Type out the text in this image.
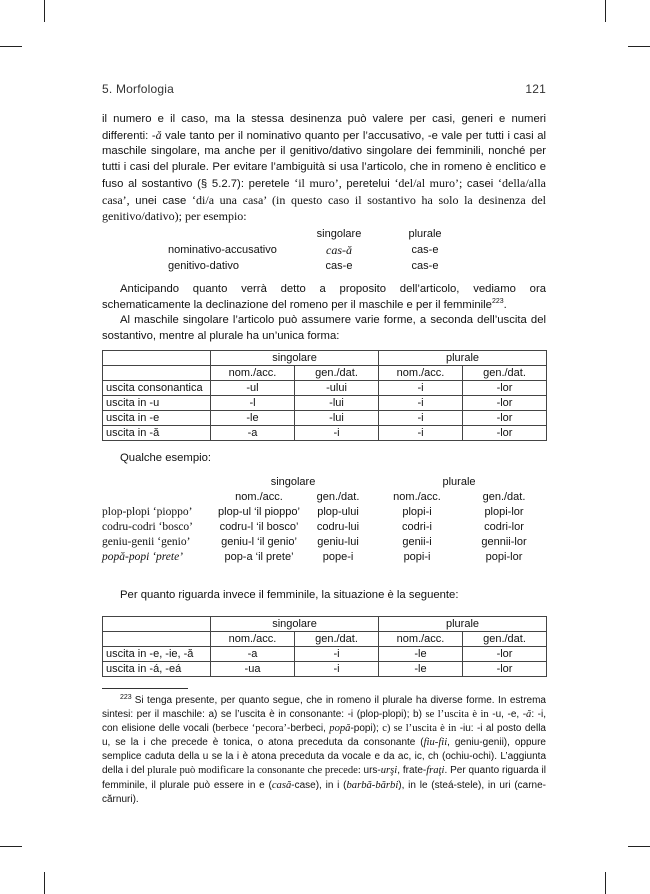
5. Morfologia	121

il numero e il caso, ma la stessa desinenza può valere per casi, generi e numeri differenti: -ă vale tanto per il nominativo quanto per l’accusativo, -e vale per tutti i casi al maschile singolare, ma anche per il genitivo/dativo singolare dei femminili, nonché per tutti i casi del plurale. Per evitare l’ambiguità si usa l’articolo, che in romeno è enclitico e fuso al sostantivo (§ 5.2.7): peretele ‘il muro’, peretelui ‘del/al muro’; casei ‘della/alla casa’, unei case ‘di/a una casa’ (in questo caso il sostantivo ha solo la desinenza del genitivo/dativo); per esempio:

	singolare	plurale
nominativo-accusativo	cas-ă	cas-e
genitivo-dativo	cas-e	cas-e

Anticipando quanto verrà detto a proposito dell’articolo, vediamo ora schematicamente la declinazione del romeno per il maschile e per il femminile$^{223}$.

Al maschile singolare l’articolo può assumere varie forme, a seconda dell’uscita del sostantivo, mentre al plurale ha un’unica forma:

	singolare		plurale	
	nom./acc.	gen./dat.	nom./acc.	gen./dat.
uscita consonantica	-ul	-ului	-i	-lor
uscita in -u	-l	-lui	-i	-lor
uscita in -e	-le	-lui	-i	-lor
uscita in -ă	-a	-i	-i	-lor

Qualche esempio:

	singolare		plurale	
	nom./acc.	gen./dat.	nom./acc.	gen./dat.
plop-plopi ‘pioppo’	plop-ul ‘il pioppo’	plop-ului	plopi-i	plopi-lor
codru-codri ‘bosco’	codru-l ‘il bosco’	codru-lui	codri-i	codri-lor
geniu-genii ‘genio’	geniu-l ‘il genio’	geniu-lui	genii-i	gennii-lor
popă-popi ‘prete’	pop-a ‘il prete’	pope-i	popi-i	popi-lor

Per quanto riguarda invece il femminile, la situazione è la seguente:

	singolare		plurale	
	nom./acc.	gen./dat.	nom./acc.	gen./dat.
uscita in -e, -ie, -ă	-a	-i	-le	-lor
uscita in -á, -eá	-ua	-i	-le	-lor

$^{223}$ Si tenga presente, per quanto segue, che in romeno il plurale ha diverse forme. In estrema sintesi: per il maschile: a) se l’uscita è in consonante: -i (plop-plopi); b) se l’uscita è in -u, -e, -ă: -i, con elisione delle vocali (berbece ‘pecora’-berbeci, popă-popi); c) se l’uscita è in -iu: -i al posto della u, se la i che precede è tonica, o atona preceduta da consonante (fiu-fii, geniu-genii), oppure semplice caduta della u se la i è atona preceduta da vocale e da ac, ic, ch (ochiu-ochi). L’aggiunta della i del plurale può modificare la consonante che precede: urs-urşi, frate-fraţi. Per quanto riguarda il femminile, il plurale può essere in e (casă-case), in i (barbă-bărbi), in le (steá-stele), in uri (carne-cărnuri).
